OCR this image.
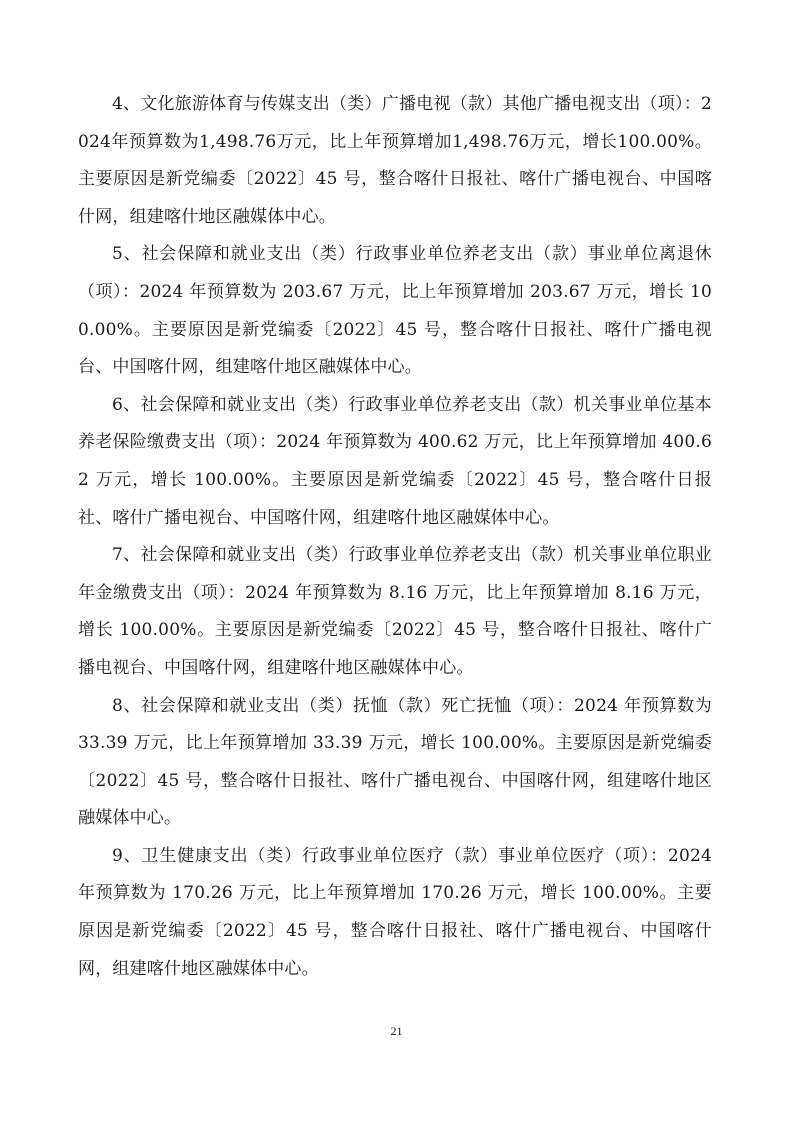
4、文化旅游体育与传媒支出（类）广播电视（款）其他广播电视支出（项）：2024年预算数为1,498.76万元，比上年预算增加1,498.76万元，增长100.00%。主要原因是新党编委〔2022〕45 号，整合喀什日报社、喀什广播电视台、中国喀什网，组建喀什地区融媒体中心。

5、社会保障和就业支出（类）行政事业单位养老支出（款）事业单位离退休（项）：2024 年预算数为 203.67 万元，比上年预算增加 203.67 万元，增长 100.00%。主要原因是新党编委〔2022〕45 号，整合喀什日报社、喀什广播电视台、中国喀什网，组建喀什地区融媒体中心。

6、社会保障和就业支出（类）行政事业单位养老支出（款）机关事业单位基本养老保险缴费支出（项）：2024 年预算数为 400.62 万元，比上年预算增加 400.62 万元，增长 100.00%。主要原因是新党编委〔2022〕45 号，整合喀什日报社、喀什广播电视台、中国喀什网，组建喀什地区融媒体中心。

7、社会保障和就业支出（类）行政事业单位养老支出（款）机关事业单位职业年金缴费支出（项）：2024 年预算数为 8.16 万元，比上年预算增加 8.16 万元，增长 100.00%。主要原因是新党编委〔2022〕45 号，整合喀什日报社、喀什广播电视台、中国喀什网，组建喀什地区融媒体中心。

8、社会保障和就业支出（类）抚恤（款）死亡抚恤（项）：2024 年预算数为 33.39 万元，比上年预算增加 33.39 万元，增长 100.00%。主要原因是新党编委〔2022〕45 号，整合喀什日报社、喀什广播电视台、中国喀什网，组建喀什地区融媒体中心。

9、卫生健康支出（类）行政事业单位医疗（款）事业单位医疗（项）：2024 年预算数为 170.26 万元，比上年预算增加 170.26 万元，增长 100.00%。主要原因是新党编委〔2022〕45 号，整合喀什日报社、喀什广播电视台、中国喀什网，组建喀什地区融媒体中心。

21
